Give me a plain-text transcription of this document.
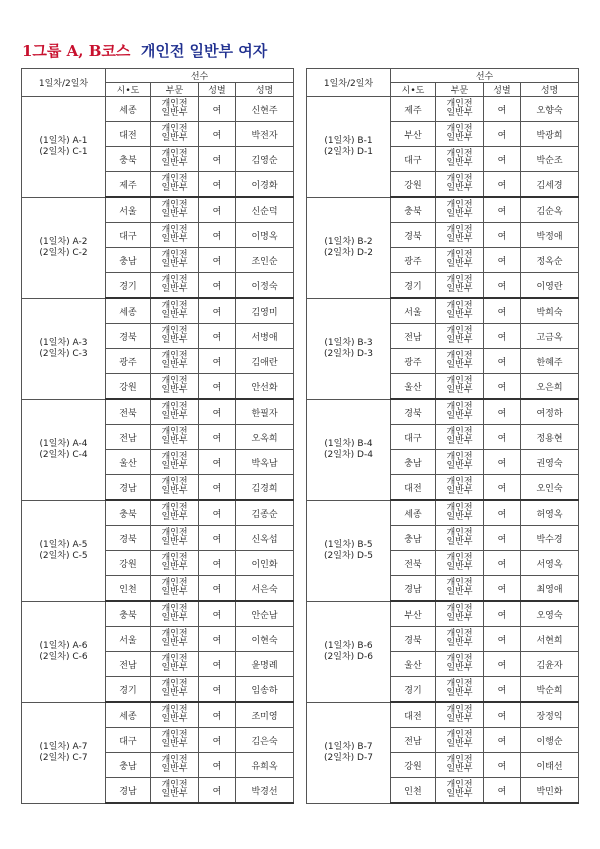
1그룹 A, B코스 개인전 일반부 여자
1일차/2일차	선수			
	시•도	부문	성별	성명

(1일차) A-1
(2일차) C-1	세종	개인전
일반부	여	신현주
	대전	개인전
일반부	여	박전자
	충북	개인전
일반부	여	김영순
	제주	개인전
일반부	여	이경화

(1일차) A-2
(2일차) C-2	서울	개인전
일반부	여	신순덕
	대구	개인전
일반부	여	이명옥
	충남	개인전
일반부	여	조인순
	경기	개인전
일반부	여	이정숙

(1일차) A-3
(2일차) C-3	세종	개인전
일반부	여	김영미
	경북	개인전
일반부	여	서병애
	광주	개인전
일반부	여	김애란
	강원	개인전
일반부	여	안선화

(1일차) A-4
(2일차) C-4	전북	개인전
일반부	여	한필자
	전남	개인전
일반부	여	오옥희
	울산	개인전
일반부	여	박옥남
	경남	개인전
일반부	여	김경희

(1일차) A-5
(2일차) C-5	충북	개인전
일반부	여	김종순
	경북	개인전
일반부	여	신옥섭
	강원	개인전
일반부	여	이인화
	인천	개인전
일반부	여	서은숙

(1일차) A-6
(2일차) C-6	충북	개인전
일반부	여	안순남
	서울	개인전
일반부	여	이현숙
	전남	개인전
일반부	여	윤명례
	경기	개인전
일반부	여	임송하

(1일차) A-7
(2일차) C-7	세종	개인전
일반부	여	조미영
	대구	개인전
일반부	여	김은숙
	충남	개인전
일반부	여	유희옥
	경남	개인전
일반부	여	박경선
1일차/2일차	선수			
	시•도	부문	성별	성명

(1일차) B-1
(2일차) D-1	제주	개인전
일반부	여	오향숙
	부산	개인전
일반부	여	박광희
	대구	개인전
일반부	여	박순조
	강원	개인전
일반부	여	김세경

(1일차) B-2
(2일차) D-2	충북	개인전
일반부	여	김순옥
	경북	개인전
일반부	여	박정애
	광주	개인전
일반부	여	정옥순
	경기	개인전
일반부	여	이영란

(1일차) B-3
(2일차) D-3	서울	개인전
일반부	여	박희숙
	전남	개인전
일반부	여	고금옥
	광주	개인전
일반부	여	한혜주
	울산	개인전
일반부	여	오은희

(1일차) B-4
(2일차) D-4	경북	개인전
일반부	여	여정하
	대구	개인전
일반부	여	정용현
	충남	개인전
일반부	여	권영숙
	대전	개인전
일반부	여	오인숙

(1일차) B-5
(2일차) D-5	세종	개인전
일반부	여	허영옥
	충남	개인전
일반부	여	박수경
	전북	개인전
일반부	여	서영옥
	경남	개인전
일반부	여	최영애

(1일차) B-6
(2일차) D-6	부산	개인전
일반부	여	오영숙
	경북	개인전
일반부	여	서현희
	울산	개인전
일반부	여	김윤자
	경기	개인전
일반부	여	박순희

(1일차) B-7
(2일차) D-7	대전	개인전
일반부	여	장정익
	전남	개인전
일반부	여	이행순
	강원	개인전
일반부	여	이태선
	인천	개인전
일반부	여	박민화
